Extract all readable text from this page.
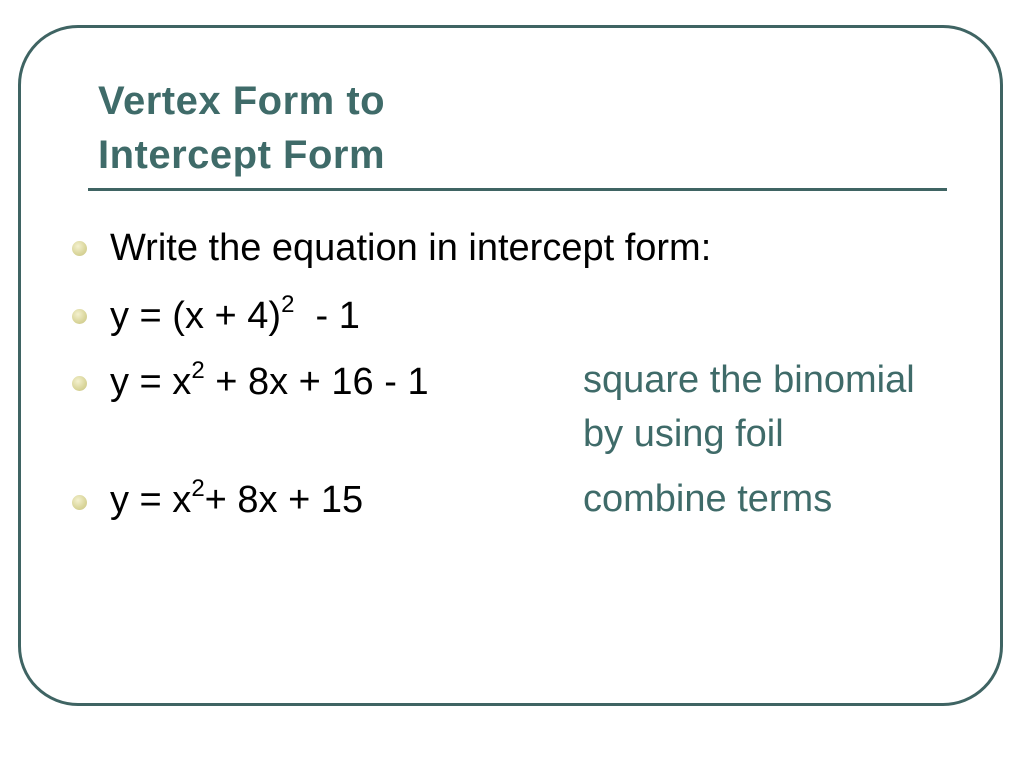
Vertex Form to
Intercept Form
Write the equation in intercept form:
$y = (x + 4)^2 - 1$
$y = x^2 + 8x + 16 - 1$	square the binomial
by using foil
$y = x^2+ 8x + 15$	combine terms
